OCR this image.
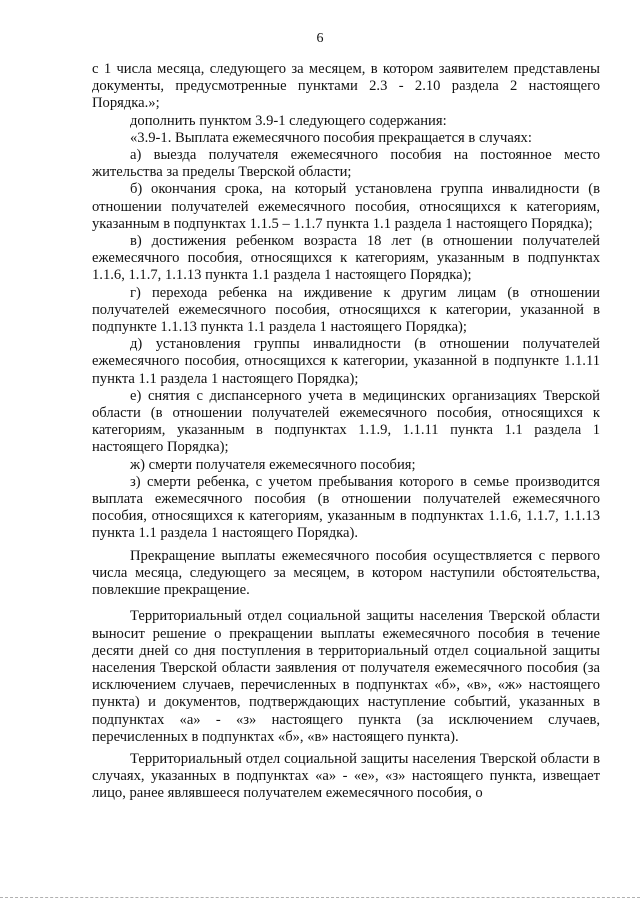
6

с 1 числа месяца, следующего за месяцем, в котором заявителем представлены документы, предусмотренные пунктами 2.3 - 2.10 раздела 2 настоящего Порядка.»;

дополнить пунктом 3.9-1 следующего содержания:

«3.9-1. Выплата ежемесячного пособия прекращается в случаях:

а) выезда получателя ежемесячного пособия на постоянное место жительства за пределы Тверской области;

б) окончания срока, на который установлена группа инвалидности (в отношении получателей ежемесячного пособия, относящихся к категориям, указанным в подпунктах 1.1.5 – 1.1.7 пункта 1.1 раздела 1 настоящего Порядка);

в) достижения ребенком возраста 18 лет (в отношении получателей ежемесячного пособия, относящихся к категориям, указанным в подпунктах 1.1.6, 1.1.7, 1.1.13 пункта 1.1 раздела 1 настоящего Порядка);

г) перехода ребенка на иждивение к другим лицам (в отношении получателей ежемесячного пособия, относящихся к категории, указанной в подпункте 1.1.13 пункта 1.1 раздела 1 настоящего Порядка);

д) установления группы инвалидности (в отношении получателей ежемесячного пособия, относящихся к категории, указанной в подпункте 1.1.11 пункта 1.1 раздела 1 настоящего Порядка);

е) снятия с диспансерного учета в медицинских организациях Тверской области (в отношении получателей ежемесячного пособия, относящихся к категориям, указанным в подпунктах 1.1.9, 1.1.11 пункта 1.1 раздела 1 настоящего Порядка);

ж) смерти получателя ежемесячного пособия;

з) смерти ребенка, с учетом пребывания которого в семье производится выплата ежемесячного пособия (в отношении получателей ежемесячного пособия, относящихся к категориям, указанным в подпунктах 1.1.6, 1.1.7, 1.1.13 пункта 1.1 раздела 1 настоящего Порядка).

Прекращение выплаты ежемесячного пособия осуществляется с первого числа месяца, следующего за месяцем, в котором наступили обстоятельства, повлекшие прекращение.

Территориальный отдел социальной защиты населения Тверской области выносит решение о прекращении выплаты ежемесячного пособия в течение десяти дней со дня поступления в территориальный отдел социальной защиты населения Тверской области заявления от получателя ежемесячного пособия (за исключением случаев, перечисленных в подпунктах «б», «в», «ж» настоящего пункта) и документов, подтверждающих наступление событий, указанных в подпунктах «а» - «з» настоящего пункта (за исключением случаев, перечисленных в подпунктах «б», «в» настоящего пункта).

Территориальный отдел социальной защиты населения Тверской области в случаях, указанных в подпунктах «а» - «е», «з» настоящего пункта, извещает лицо, ранее являвшееся получателем ежемесячного пособия, о
